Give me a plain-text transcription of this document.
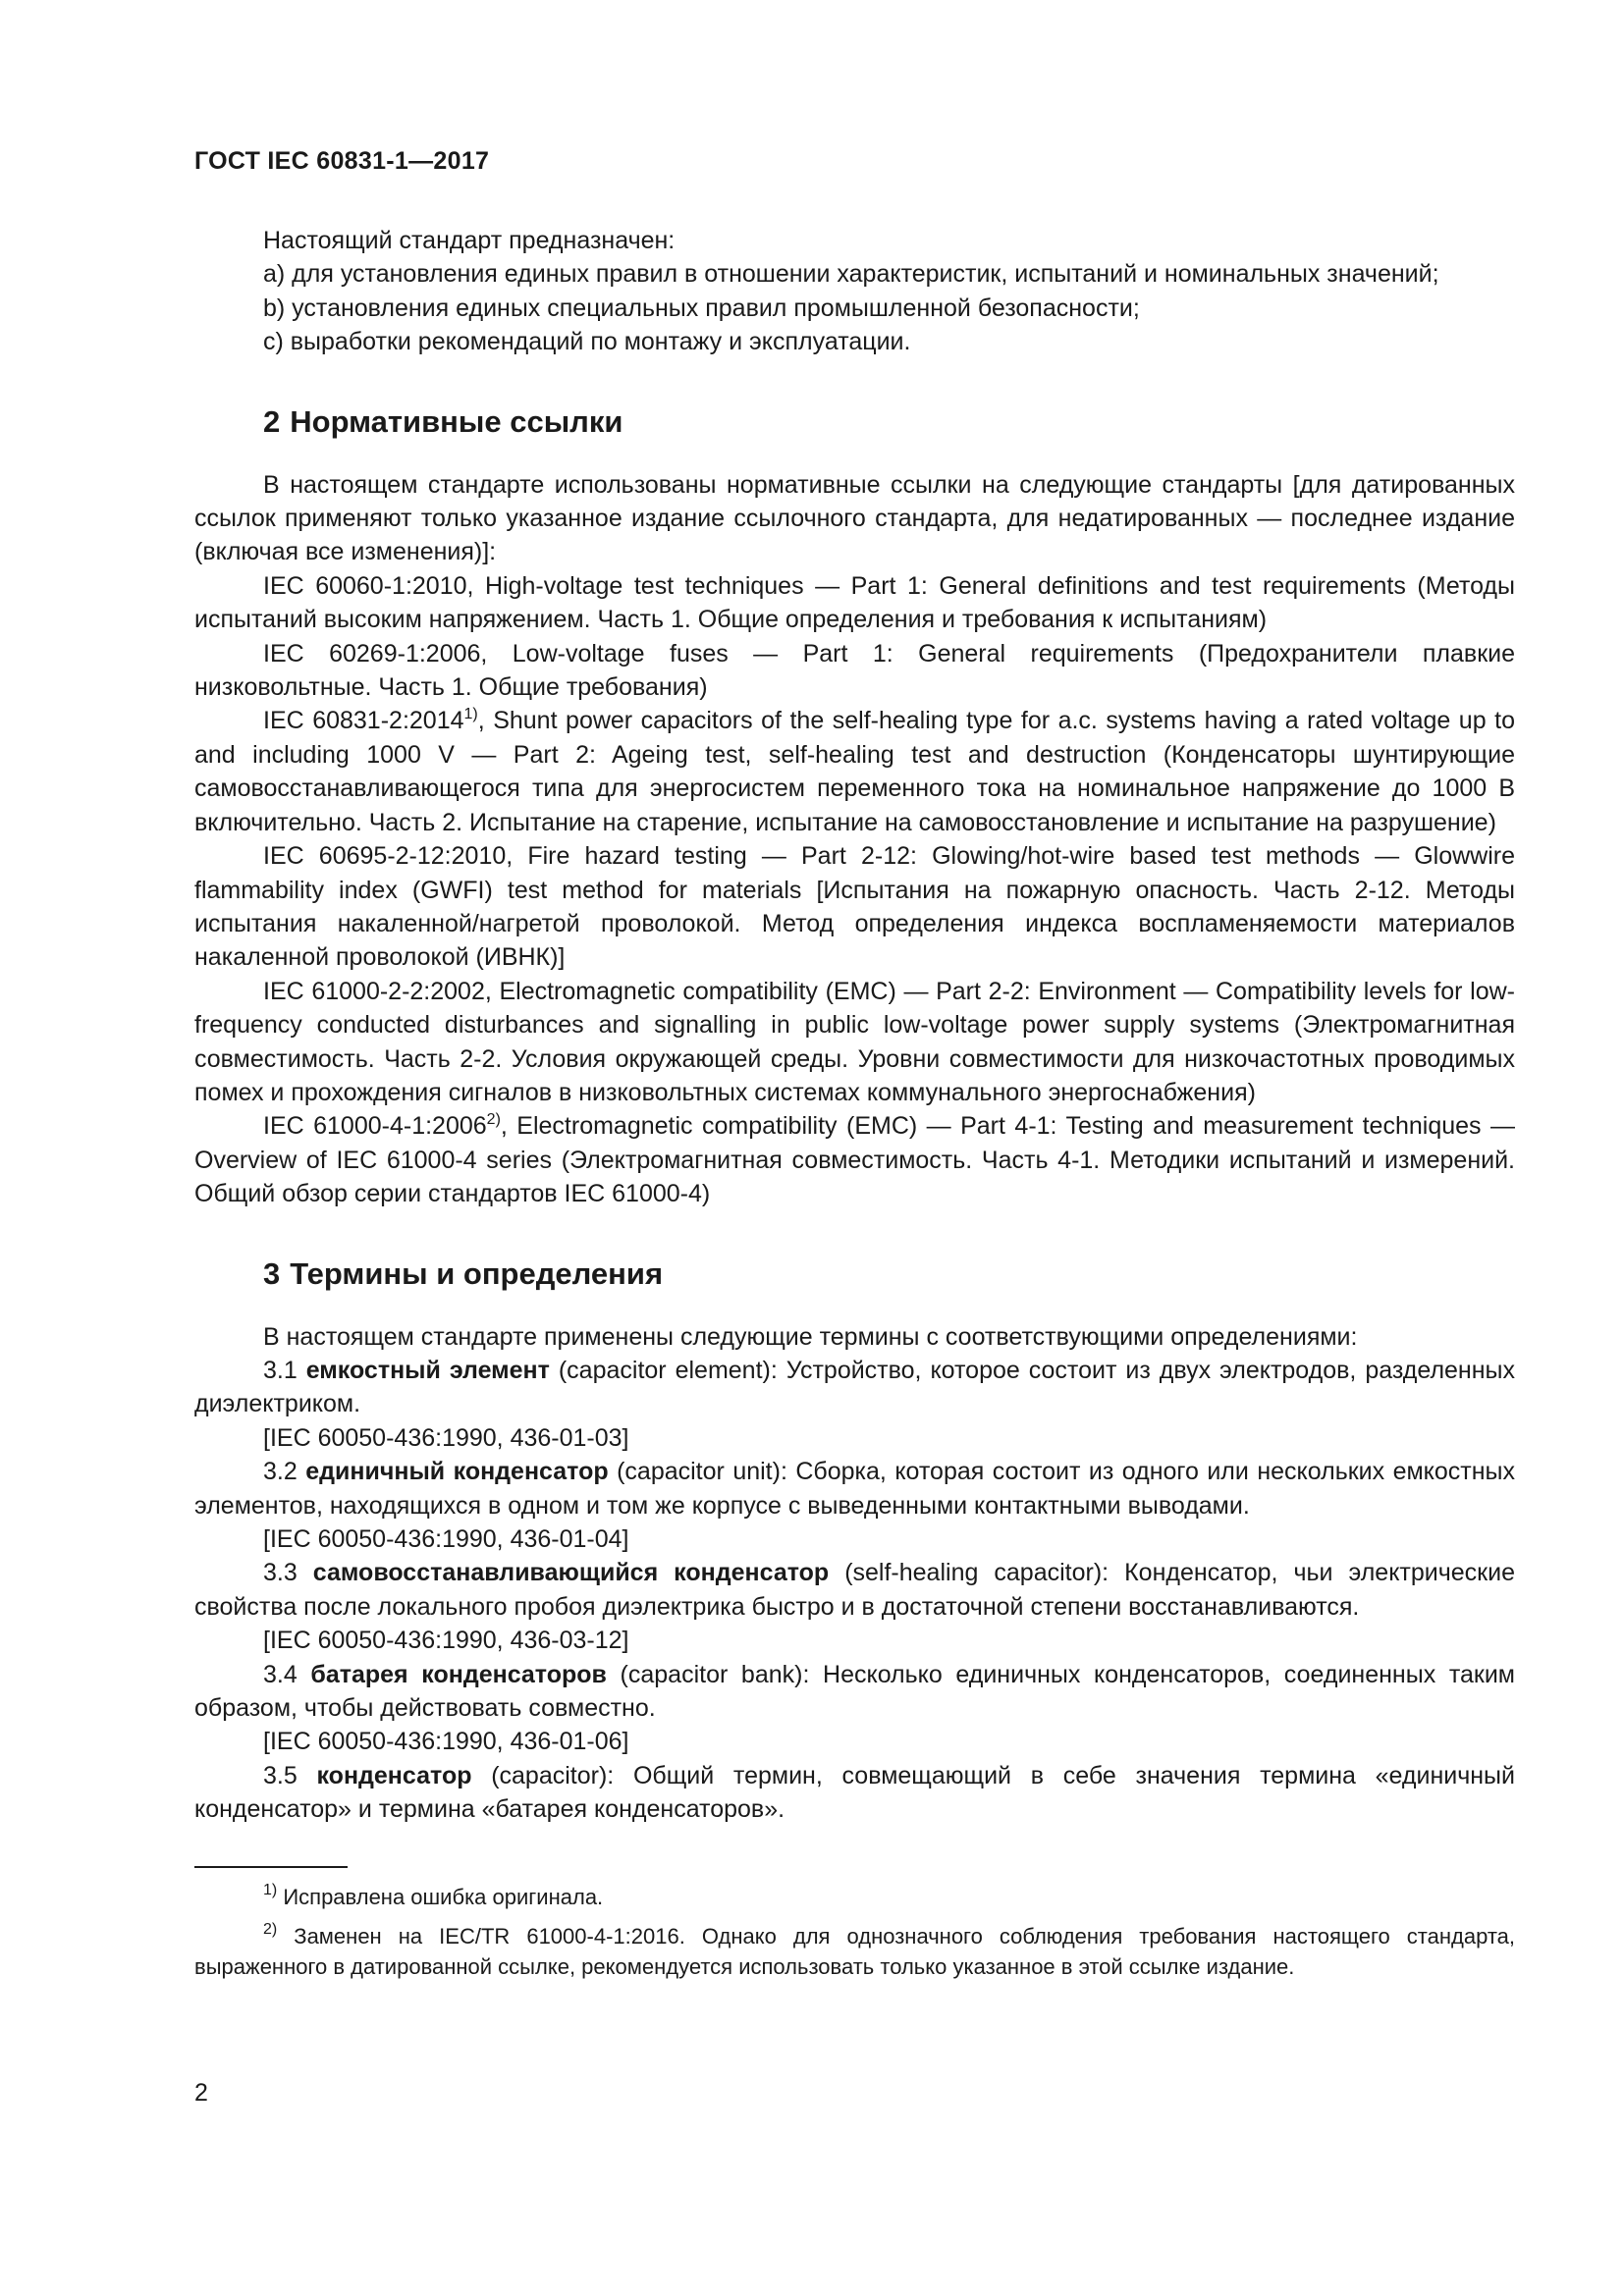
ГОСТ IEC 60831-1—2017

Настоящий стандарт предназначен:

a) для установления единых правил в отношении характеристик, испытаний и номинальных значений;

b) установления единых специальных правил промышленной безопасности;

c) выработки рекомендаций по монтажу и эксплуатации.

2 Нормативные ссылки

В настоящем стандарте использованы нормативные ссылки на следующие стандарты [для датированных ссылок применяют только указанное издание ссылочного стандарта, для недатированных — последнее издание (включая все изменения)]:

IEC 60060-1:2010, High-voltage test techniques — Part 1: General definitions and test requirements (Методы испытаний высоким напряжением. Часть 1. Общие определения и требования к испытаниям)

IEC 60269-1:2006, Low-voltage fuses — Part 1: General requirements (Предохранители плавкие низковольтные. Часть 1. Общие требования)

IEC 60831-2:2014$^{1)}$, Shunt power capacitors of the self-healing type for a.c. systems having a rated voltage up to and including 1000 V — Part 2: Ageing test, self-healing test and destruction (Конденсаторы шунтирующие самовосстанавливающегося типа для энергосистем переменного тока на номинальное напряжение до 1000 В включительно. Часть 2. Испытание на старение, испытание на самовосстановление и испытание на разрушение)

IEC 60695-2-12:2010, Fire hazard testing — Part 2-12: Glowing/hot-wire based test methods — Glowwire flammability index (GWFI) test method for materials [Испытания на пожарную опасность. Часть 2-12. Методы испытания накаленной/нагретой проволокой. Метод определения индекса воспламеняемости материалов накаленной проволокой (ИВНК)]

IEC 61000-2-2:2002, Electromagnetic compatibility (EMC) — Part 2-2: Environment — Compatibility levels for low-frequency conducted disturbances and signalling in public low-voltage power supply systems (Электромагнитная совместимость. Часть 2-2. Условия окружающей среды. Уровни совместимости для низкочастотных проводимых помех и прохождения сигналов в низковольтных системах коммунального энергоснабжения)

IEC 61000-4-1:2006$^{2)}$, Electromagnetic compatibility (EMC) — Part 4-1: Testing and measurement techniques — Overview of IEC 61000-4 series (Электромагнитная совместимость. Часть 4-1. Методики испытаний и измерений. Общий обзор серии стандартов IEC 61000-4)

3 Термины и определения

В настоящем стандарте применены следующие термины с соответствующими определениями:

3.1 емкостный элемент (capacitor element): Устройство, которое состоит из двух электродов, разделенных диэлектриком.

[IEC 60050-436:1990, 436-01-03]

3.2 единичный конденсатор (capacitor unit): Сборка, которая состоит из одного или нескольких емкостных элементов, находящихся в одном и том же корпусе с выведенными контактными выводами.

[IEC 60050-436:1990, 436-01-04]

3.3 самовосстанавливающийся конденсатор (self-healing capacitor): Конденсатор, чьи электрические свойства после локального пробоя диэлектрика быстро и в достаточной степени восстанавливаются.

[IEC 60050-436:1990, 436-03-12]

3.4 батарея конденсаторов (capacitor bank): Несколько единичных конденсаторов, соединенных таким образом, чтобы действовать совместно.

[IEC 60050-436:1990, 436-01-06]

3.5 конденсатор (capacitor): Общий термин, совмещающий в себе значения термина «единичный конденсатор» и термина «батарея конденсаторов».

$^{1)}$ Исправлена ошибка оригинала.

$^{2)}$ Заменен на IEC/TR 61000-4-1:2016. Однако для однозначного соблюдения требования настоящего стандарта, выраженного в датированной ссылке, рекомендуется использовать только указанное в этой ссылке издание.

2
